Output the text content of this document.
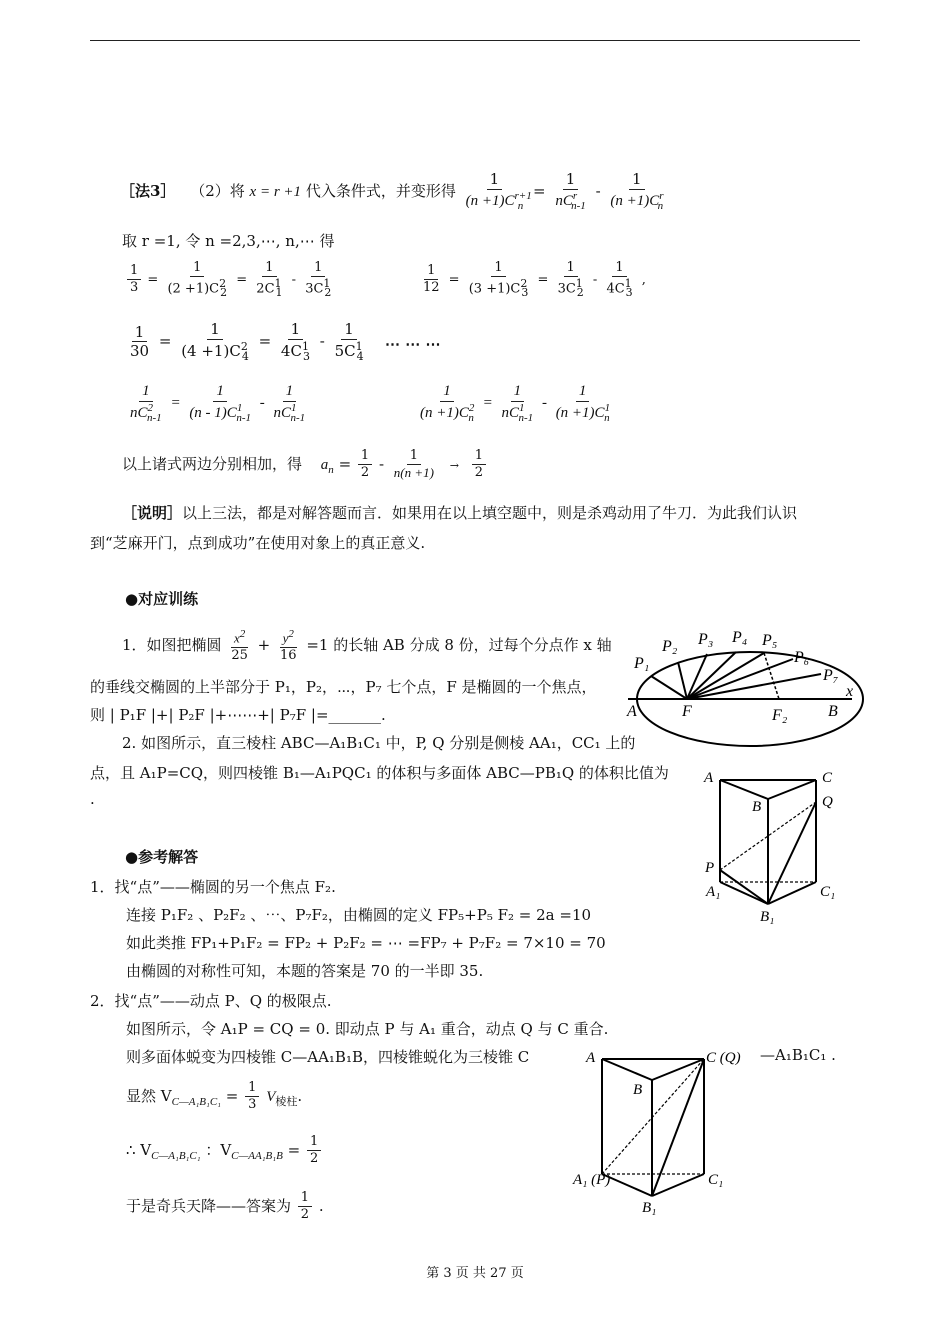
［法3］ （2）将 x = r +1 代入条件式，并变形得 $\frac{1}{(n +1)C^{r+1}_n} = \frac{1}{nC^r_{n-1}} - \frac{1}{(n +1)C^r_n}$
取 r =1, 令 n =2,3,⋯, n,⋯ 得
$\frac{1}{3} = \frac{1}{(2 +1)C^2_2} = \frac{1}{2C^1_1} - \frac{1}{3C^1_2}$	$\frac{1}{12} = \frac{1}{(3 +1)C^2_3} = \frac{1}{3C^1_2} - \frac{1}{4C^1_3}$ ,
$\frac{1}{30} = \frac{1}{(4 +1)C^2_4} = \frac{1}{4C^1_3} - \frac{1}{5C^1_4}$ ⋯ ⋯ ⋯
$\frac{1}{nC^2_{n-1}} = \frac{1}{(n - 1)C^1_{n-1}} - \frac{1}{nC^1_{n-1}}$	$\frac{1}{(n +1)C^2_n} = \frac{1}{nC^1_{n-1}} - \frac{1}{(n +1)C^1_n}$
以上诸式两边分别相加，得 $a_n = \frac{1}{2} - \frac{1}{n(n +1)} \to \frac{1}{2}$
［说明］以上三法，都是对解答题而言．如果用在以上填空题中，则是杀鸡动用了牛刀．为此我们认识
到“芝麻开门，点到成功”在使用对象上的真正意义.
●对应训练
1．如图把椭圆 $\frac{x^2}{25} + \frac{y^2}{16} =1$ 的长轴 AB 分成 8 份，过每个分点作 x 轴
的垂线交椭圆的上半部分于 P₁，P₂，⋯，P₇ 七个点，F 是椭圆的一个焦点，
则 | P₁F |+| P₂F |+⋯⋯+| P₇F |=_______.
2. 如图所示，直三棱柱 ABC—A₁B₁C₁ 中，P, Q 分别是侧棱 AA₁，CC₁ 上的
点，且 A₁P=CQ，则四棱锥 B₁—A₁PQC₁ 的体积与多面体 ABC—PB₁Q 的体积比值为
.
●参考解答
1．找“点”——椭圆的另一个焦点 F₂.
连接 P₁F₂ 、P₂F₂ 、⋯、P₇F₂，由椭圆的定义 FP₅+P₅ F₂ = 2a =10
如此类推 FP₁+P₁F₂ = FP₂ + P₂F₂ = ⋯ =FP₇ + P₇F₂ = 7×10 = 70
由椭圆的对称性可知，本题的答案是 70 的一半即 35.
2．找“点”——动点 P、Q 的极限点.
如图所示，令 A₁P = CQ = 0. 即动点 P 与 A₁ 重合，动点 Q 与 C 重合.
则多面体蜕变为四棱锥 C—AA₁B₁B，四棱锥蜕化为三棱锥 C	—A₁B₁C₁ .
显然 $V_{C—A_1B_1C_1} = \frac{1}{3} V_{棱柱}$.
∴ $V_{C—A_1B_1C_1}$ ：$V_{C—AA_1B_1B} = \frac{1}{2}$
于是奇兵天降——答案为 $\frac{1}{2}$ .
P₁
P₂ P₃ P₄ P₅
P₆
P₇
A	F	F₂	B
x
A	C
B	Q
P
A₁	C₁
B₁
A	C (Q)
B
A₁ (P)	C₁
B₁
第 3 页 共 27 页
